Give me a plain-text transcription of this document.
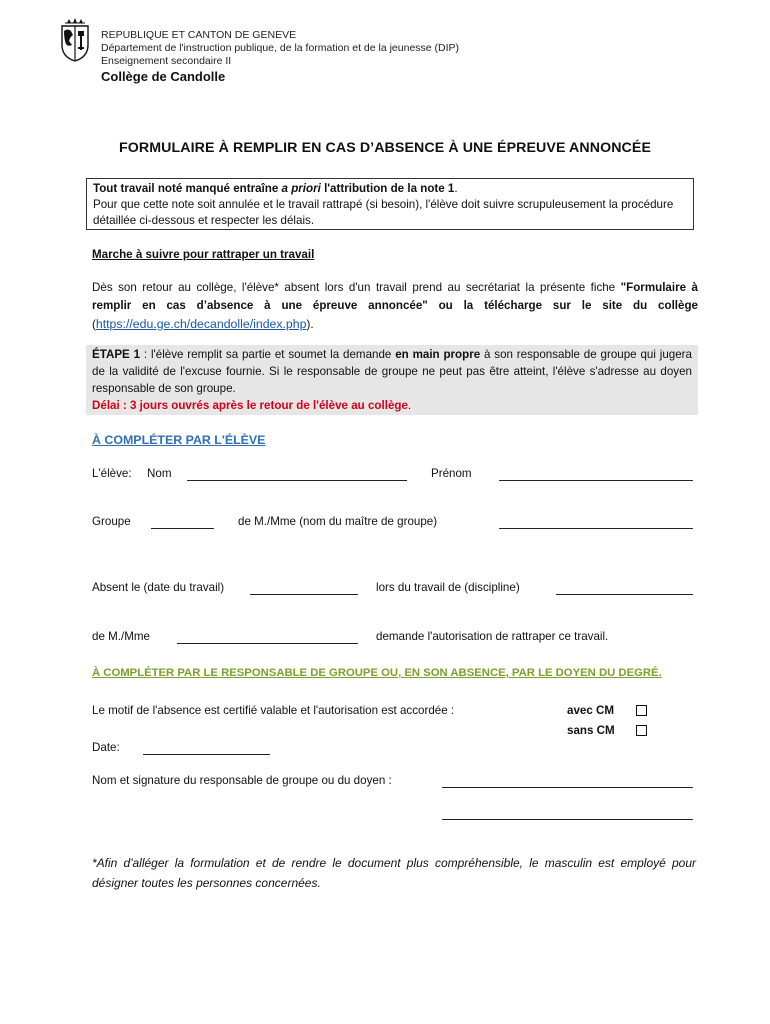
REPUBLIQUE ET CANTON DE GENEVE
Département de l'instruction publique, de la formation et de la jeunesse (DIP)
Enseignement secondaire II
Collège de Candolle
FORMULAIRE À REMPLIR EN CAS D’ABSENCE À UNE ÉPREUVE ANNONCÉE
Tout travail noté manqué entraîne a priori l'attribution de la note 1.
Pour que cette note soit annulée et le travail rattrapé (si besoin), l'élève doit suivre scrupuleusement la procédure détaillée ci-dessous et respecter les délais.
Marche à suivre pour rattraper un travail
Dès son retour au collège, l'élève* absent lors d'un travail prend au secrétariat la présente fiche "Formulaire à remplir en cas d’absence à une épreuve annoncée" ou la télécharge sur le site du collège (https://edu.ge.ch/decandolle/index.php).
ÉTAPE 1 : l'élève remplit sa partie et soumet la demande en main propre à son responsable de groupe qui jugera de la validité de l'excuse fournie. Si le responsable de groupe ne peut pas être atteint, l'élève s'adresse au doyen responsable de son groupe.
Délai : 3 jours ouvrés après le retour de l'élève au collège.
À COMPLÉTER PAR L'ÉLÈVE
L'élève: Nom	Prénom
Groupe	de M./Mme (nom du maître de groupe)
Absent le (date du travail)	lors du travail de (discipline)
de M./Mme	demande l'autorisation de rattraper ce travail.
À COMPLÉTER PAR LE RESPONSABLE DE GROUPE OU, EN SON ABSENCE, PAR LE DOYEN DU DEGRÉ.
Le motif de l'absence est certifié valable et l'autorisation est accordée :	avec CM
sans CM
Date:
Nom et signature du responsable de groupe ou du doyen :
*Afin d'alléger la formulation et de rendre le document plus compréhensible, le masculin est employé pour désigner toutes les personnes concernées.
